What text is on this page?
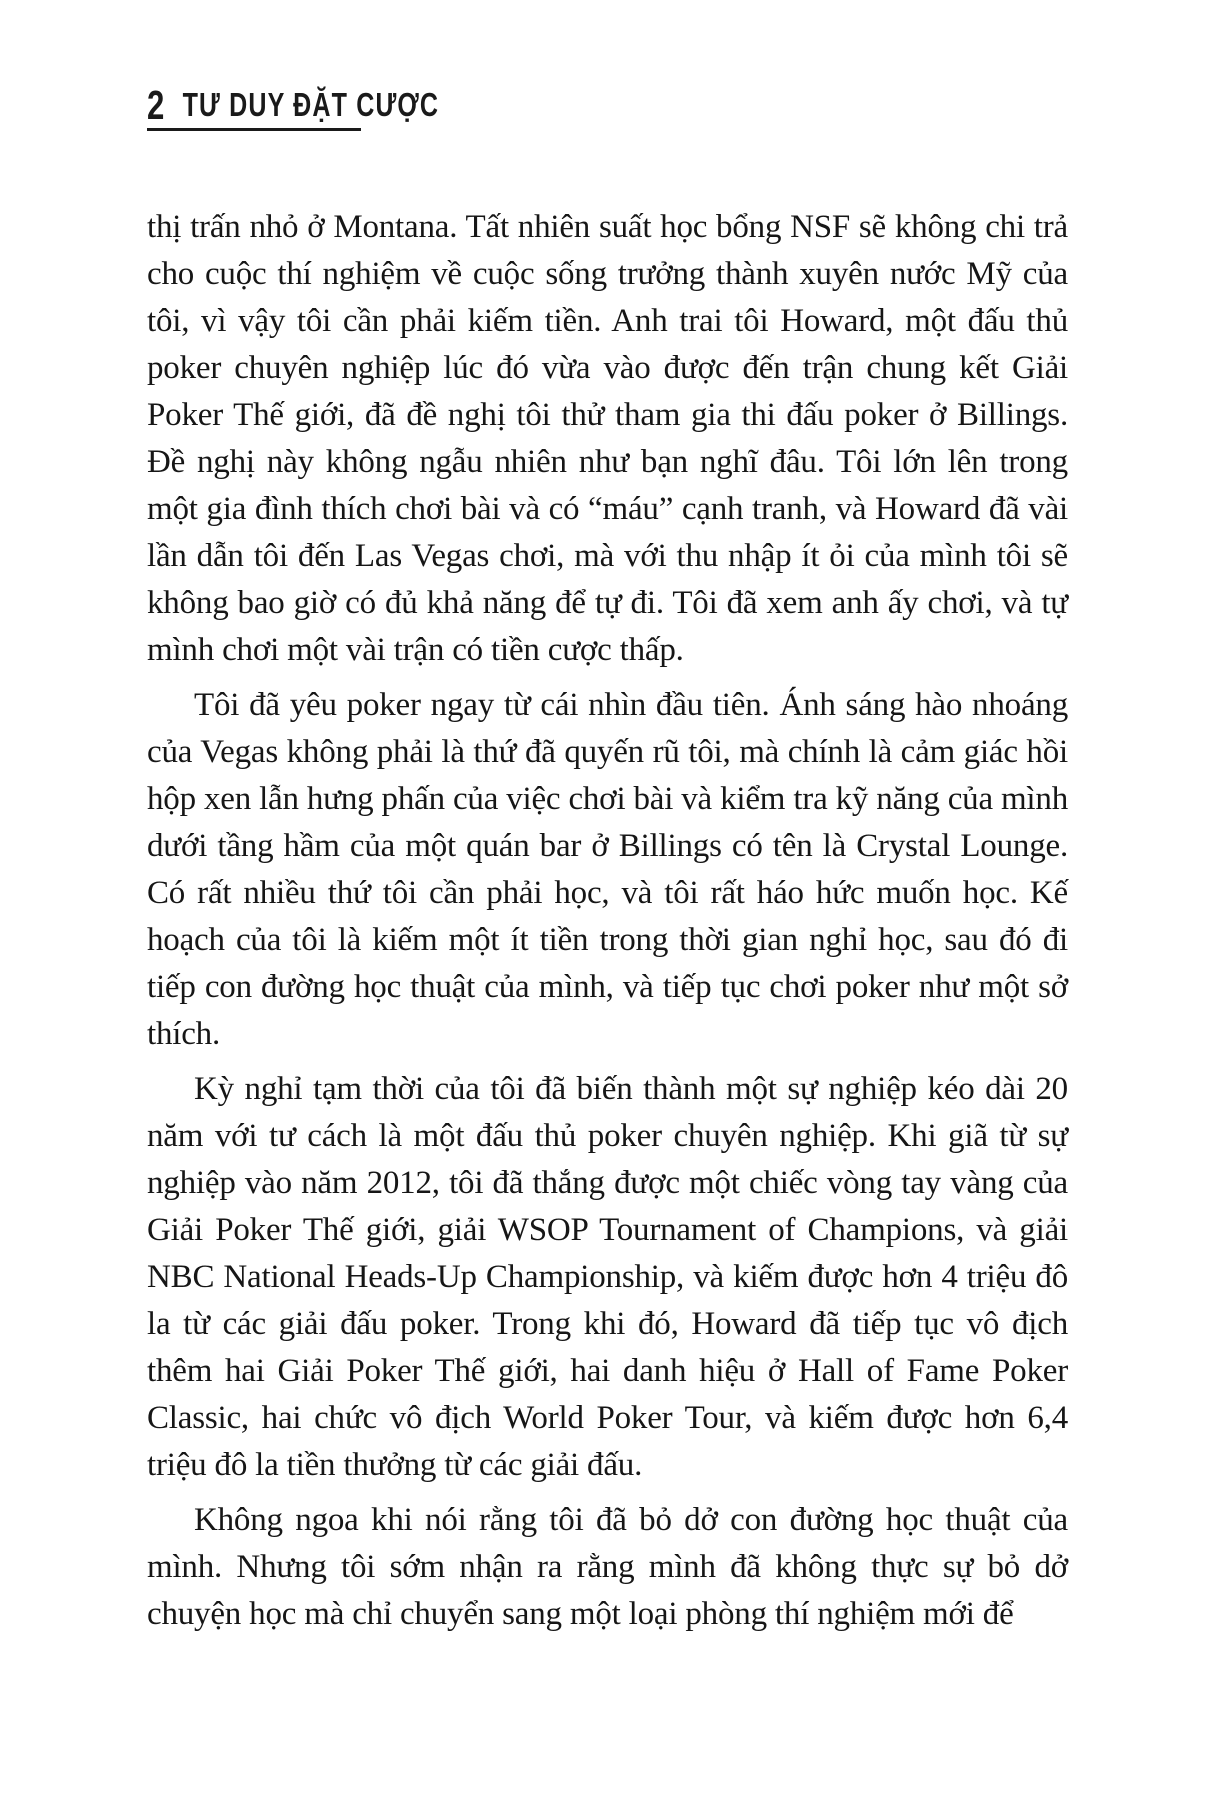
2 TƯ DUY ĐẶT CƯỢC

thị trấn nhỏ ở Montana. Tất nhiên suất học bổng NSF sẽ không chi trả cho cuộc thí nghiệm về cuộc sống trưởng thành xuyên nước Mỹ của tôi, vì vậy tôi cần phải kiếm tiền. Anh trai tôi Howard, một đấu thủ poker chuyên nghiệp lúc đó vừa vào được đến trận chung kết Giải Poker Thế giới, đã đề nghị tôi thử tham gia thi đấu poker ở Billings. Đề nghị này không ngẫu nhiên như bạn nghĩ đâu. Tôi lớn lên trong một gia đình thích chơi bài và có “máu” cạnh tranh, và Howard đã vài lần dẫn tôi đến Las Vegas chơi, mà với thu nhập ít ỏi của mình tôi sẽ không bao giờ có đủ khả năng để tự đi. Tôi đã xem anh ấy chơi, và tự mình chơi một vài trận có tiền cược thấp.

Tôi đã yêu poker ngay từ cái nhìn đầu tiên. Ánh sáng hào nhoáng của Vegas không phải là thứ đã quyến rũ tôi, mà chính là cảm giác hồi hộp xen lẫn hưng phấn của việc chơi bài và kiểm tra kỹ năng của mình dưới tầng hầm của một quán bar ở Billings có tên là Crystal Lounge. Có rất nhiều thứ tôi cần phải học, và tôi rất háo hức muốn học. Kế hoạch của tôi là kiếm một ít tiền trong thời gian nghỉ học, sau đó đi tiếp con đường học thuật của mình, và tiếp tục chơi poker như một sở thích.

Kỳ nghỉ tạm thời của tôi đã biến thành một sự nghiệp kéo dài 20 năm với tư cách là một đấu thủ poker chuyên nghiệp. Khi giã từ sự nghiệp vào năm 2012, tôi đã thắng được một chiếc vòng tay vàng của Giải Poker Thế giới, giải WSOP Tournament of Champions, và giải NBC National Heads-Up Championship, và kiếm được hơn 4 triệu đô la từ các giải đấu poker. Trong khi đó, Howard đã tiếp tục vô địch thêm hai Giải Poker Thế giới, hai danh hiệu ở Hall of Fame Poker Classic, hai chức vô địch World Poker Tour, và kiếm được hơn 6,4 triệu đô la tiền thưởng từ các giải đấu.

Không ngoa khi nói rằng tôi đã bỏ dở con đường học thuật của mình. Nhưng tôi sớm nhận ra rằng mình đã không thực sự bỏ dở chuyện học mà chỉ chuyển sang một loại phòng thí nghiệm mới để
